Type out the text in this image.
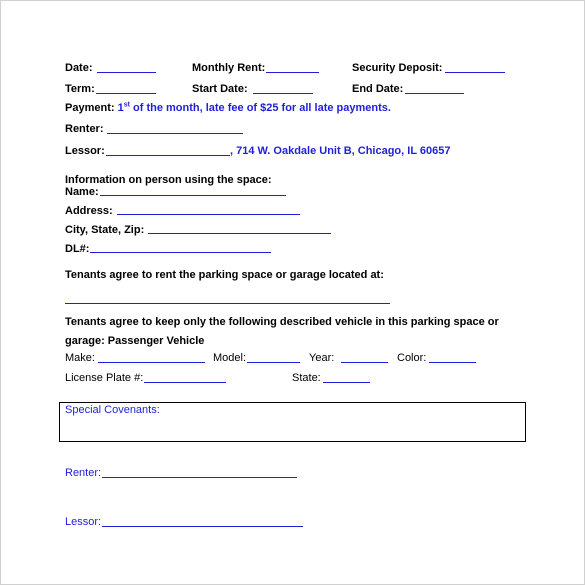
Date:	Monthly Rent:	Security Deposit:
Term:	Start Date:	End Date:
Payment: 1st of the month, late fee of $25 for all late payments.
Renter:
Lessor:	, 714 W. Oakdale Unit B, Chicago, IL 60657
Information on person using the space:
Name:
Address:
City, State, Zip:
DL#:
Tenants agree to rent the parking space or garage located at:
Tenants agree to keep only the following described vehicle in this parking space or
garage: Passenger Vehicle
Make:	Model:	Year:	Color:
License Plate #:	State:
Special Covenants:
Renter:
Lessor:
